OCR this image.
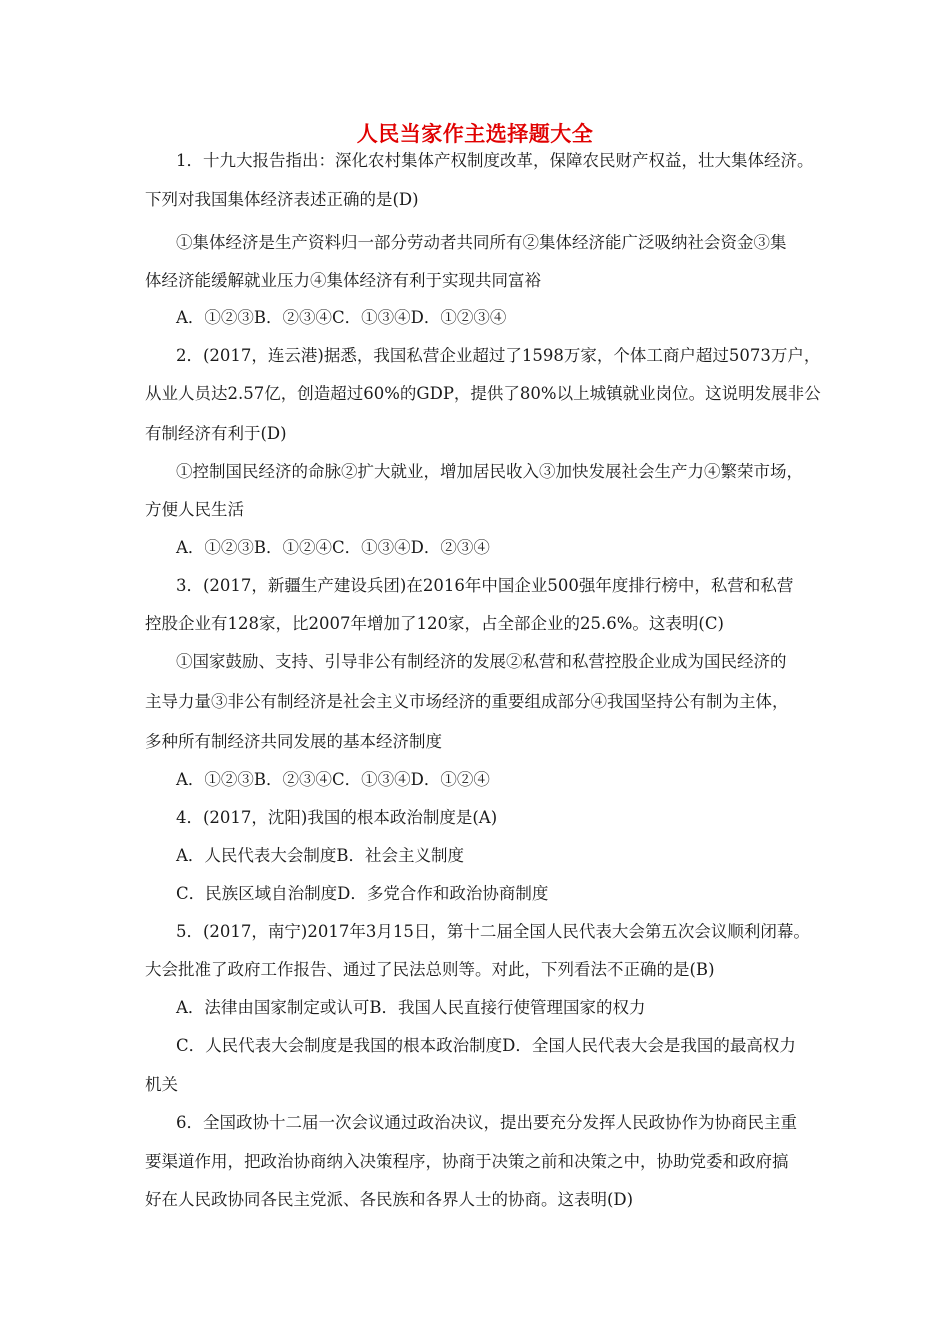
人民当家作主选择题大全
1．十九大报告指出：深化农村集体产权制度改革，保障农民财产权益，壮大集体经济。
下列对我国集体经济表述正确的是(D)
①集体经济是生产资料归一部分劳动者共同所有②集体经济能广泛吸纳社会资金③集
体经济能缓解就业压力④集体经济有利于实现共同富裕
A．①②③B．②③④C．①③④D．①②③④
2．(2017，连云港)据悉，我国私营企业超过了1598万家，个体工商户超过5073万户，
从业人员达2.57亿，创造超过60%的GDP，提供了80%以上城镇就业岗位。这说明发展非公
有制经济有利于(D)
①控制国民经济的命脉②扩大就业，增加居民收入③加快发展社会生产力④繁荣市场，
方便人民生活
A．①②③B．①②④C．①③④D．②③④
3．(2017，新疆生产建设兵团)在2016年中国企业500强年度排行榜中，私营和私营
控股企业有128家，比2007年增加了120家，占全部企业的25.6%。这表明(C)
①国家鼓励、支持、引导非公有制经济的发展②私营和私营控股企业成为国民经济的
主导力量③非公有制经济是社会主义市场经济的重要组成部分④我国坚持公有制为主体，
多种所有制经济共同发展的基本经济制度
A．①②③B．②③④C．①③④D．①②④
4．(2017，沈阳)我国的根本政治制度是(A)
A．人民代表大会制度B．社会主义制度
C．民族区域自治制度D．多党合作和政治协商制度
5．(2017，南宁)2017年3月15日，第十二届全国人民代表大会第五次会议顺利闭幕。
大会批准了政府工作报告、通过了民法总则等。对此，下列看法不正确的是(B)
A．法律由国家制定或认可B．我国人民直接行使管理国家的权力
C．人民代表大会制度是我国的根本政治制度D．全国人民代表大会是我国的最高权力
机关
6．全国政协十二届一次会议通过政治决议，提出要充分发挥人民政协作为协商民主重
要渠道作用，把政治协商纳入决策程序，协商于决策之前和决策之中，协助党委和政府搞
好在人民政协同各民主党派、各民族和各界人士的协商。这表明(D)
